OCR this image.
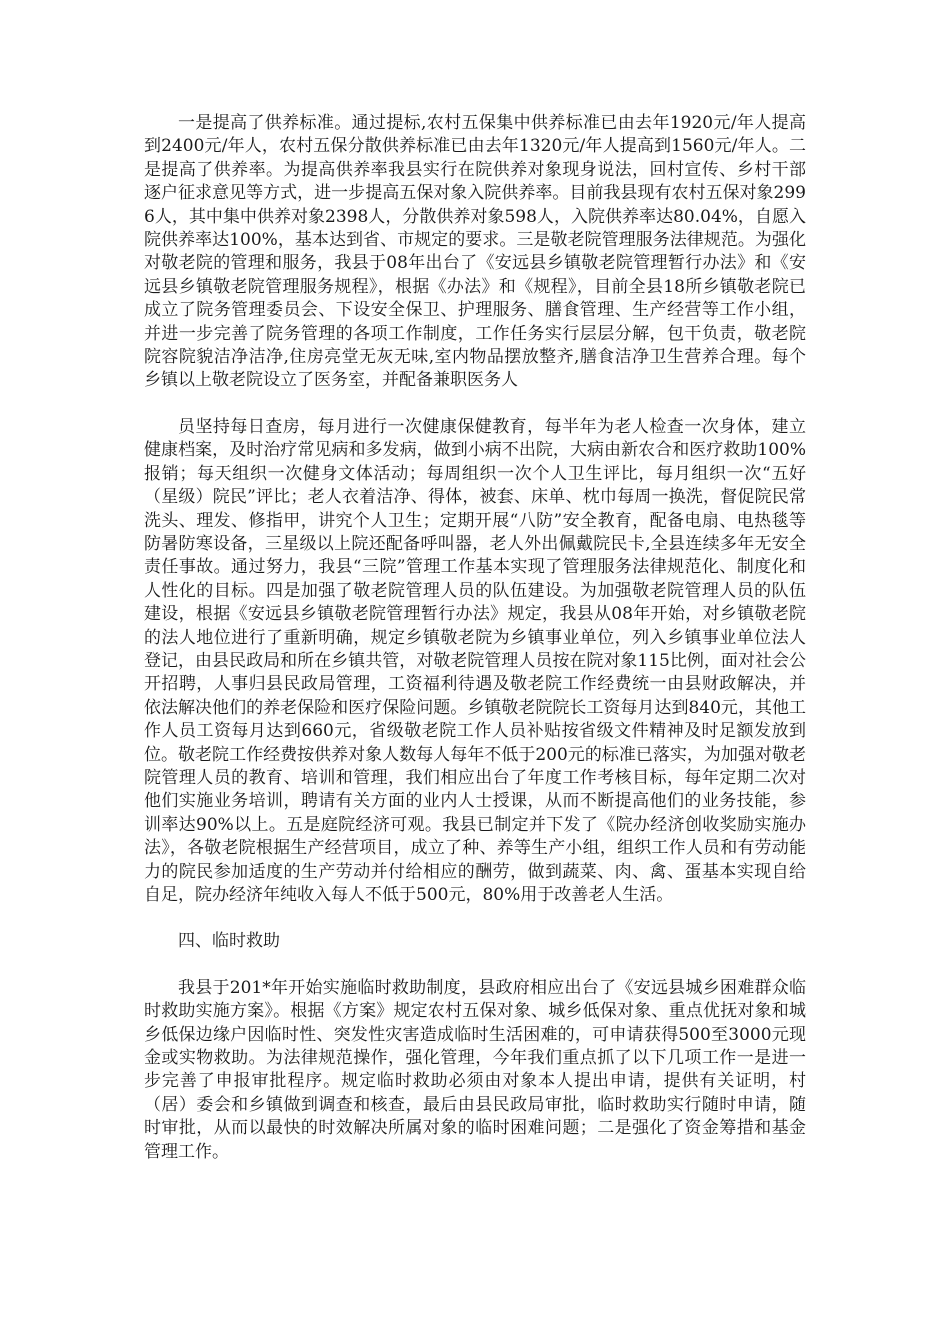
一是提高了供养标准。通过提标,农村五保集中供养标准已由去年1920元/年人提高到2400元/年人，农村五保分散供养标准已由去年1320元/年人提高到1560元/年人。二是提高了供养率。为提高供养率我县实行在院供养对象现身说法，回村宣传、乡村干部逐户征求意见等方式，进一步提高五保对象入院供养率。目前我县现有农村五保对象2996人，其中集中供养对象2398人，分散供养对象598人，入院供养率达80.04%，自愿入院供养率达100%，基本达到省、市规定的要求。三是敬老院管理服务法律规范。为强化对敬老院的管理和服务，我县于08年出台了《安远县乡镇敬老院管理暂行办法》和《安远县乡镇敬老院管理服务规程》，根据《办法》和《规程》，目前全县18所乡镇敬老院已成立了院务管理委员会、下设安全保卫、护理服务、膳食管理、生产经营等工作小组，并进一步完善了院务管理的各项工作制度，工作任务实行层层分解，包干负责，敬老院院容院貌洁净洁净,住房亮堂无灰无味,室内物品摆放整齐,膳食洁净卫生营养合理。每个乡镇以上敬老院设立了医务室，并配备兼职医务人

员坚持每日查房，每月进行一次健康保健教育，每半年为老人检查一次身体，建立健康档案，及时治疗常见病和多发病，做到小病不出院，大病由新农合和医疗救助100%报销；每天组织一次健身文体活动；每周组织一次个人卫生评比，每月组织一次“五好（星级）院民”评比；老人衣着洁净、得体，被套、床单、枕巾每周一换洗，督促院民常洗头、理发、修指甲，讲究个人卫生；定期开展“八防”安全教育，配备电扇、电热毯等防暑防寒设备，三星级以上院还配备呼叫器，老人外出佩戴院民卡,全县连续多年无安全责任事故。通过努力，我县“三院”管理工作基本实现了管理服务法律规范化、制度化和人性化的目标。四是加强了敬老院管理人员的队伍建设。为加强敬老院管理人员的队伍建设，根据《安远县乡镇敬老院管理暂行办法》规定，我县从08年开始，对乡镇敬老院的法人地位进行了重新明确，规定乡镇敬老院为乡镇事业单位，列入乡镇事业单位法人登记，由县民政局和所在乡镇共管，对敬老院管理人员按在院对象115比例，面对社会公开招聘，人事归县民政局管理，工资福利待遇及敬老院工作经费统一由县财政解决，并依法解决他们的养老保险和医疗保险问题。乡镇敬老院院长工资每月达到840元，其他工作人员工资每月达到660元，省级敬老院工作人员补贴按省级文件精神及时足额发放到位。敬老院工作经费按供养对象人数每人每年不低于200元的标准已落实，为加强对敬老院管理人员的教育、培训和管理，我们相应出台了年度工作考核目标，每年定期二次对他们实施业务培训，聘请有关方面的业内人士授课，从而不断提高他们的业务技能，参训率达90%以上。五是庭院经济可观。我县已制定并下发了《院办经济创收奖励实施办法》，各敬老院根据生产经营项目，成立了种、养等生产小组，组织工作人员和有劳动能力的院民参加适度的生产劳动并付给相应的酬劳，做到蔬菜、肉、禽、蛋基本实现自给自足，院办经济年纯收入每人不低于500元，80%用于改善老人生活。

四、临时救助

我县于201*年开始实施临时救助制度，县政府相应出台了《安远县城乡困难群众临时救助实施方案》。根据《方案》规定农村五保对象、城乡低保对象、重点优抚对象和城乡低保边缘户因临时性、突发性灾害造成临时生活困难的，可申请获得500至3000元现金或实物救助。为法律规范操作，强化管理，今年我们重点抓了以下几项工作一是进一步完善了申报审批程序。规定临时救助必须由对象本人提出申请，提供有关证明，村（居）委会和乡镇做到调查和核查，最后由县民政局审批，临时救助实行随时申请，随时审批，从而以最快的时效解决所属对象的临时困难问题；二是强化了资金筹措和基金管理工作。
